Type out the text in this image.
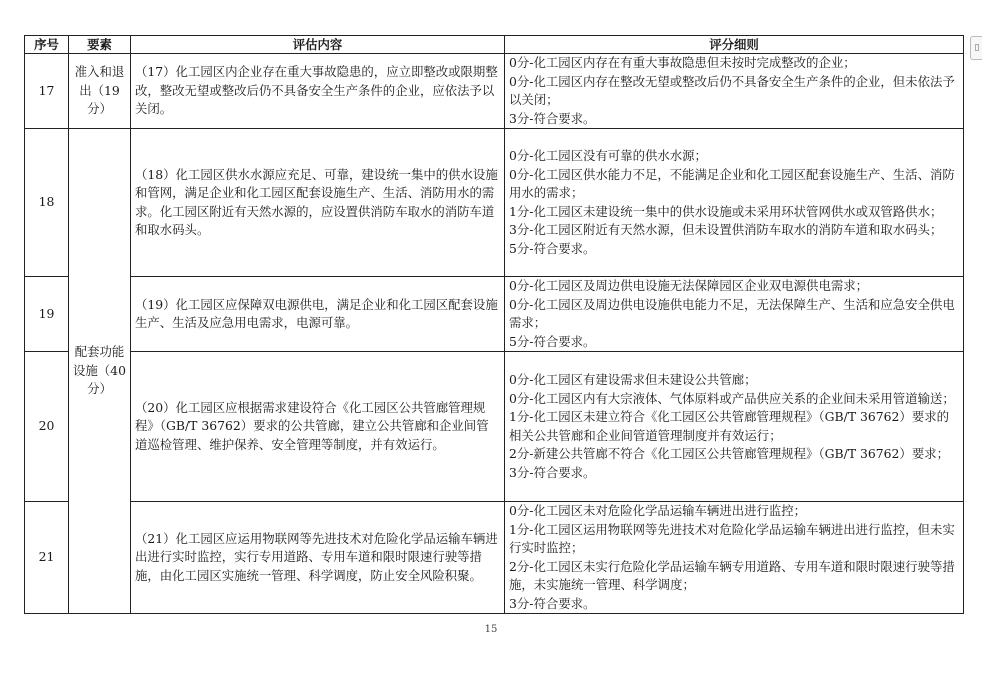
序号	要素	评估内容	评分细则
17	准入和退出（19分）	（17）化工园区内企业存在重大事故隐患的，应立即整改或限期整改，整改无望或整改后仍不具备安全生产条件的企业，应依法予以关闭。	0分-化工园区内存在有重大事故隐患但未按时完成整改的企业；
0分-化工园区内存在整改无望或整改后仍不具备安全生产条件的企业，但未依法予以关闭；
3分-符合要求。

18	配套功能设施（40分）	（18）化工园区供水水源应充足、可靠，建设统一集中的供水设施和管网，满足企业和化工园区配套设施生产、生活、消防用水的需求。化工园区附近有天然水源的，应设置供消防车取水的消防车道和取水码头。	0分-化工园区没有可靠的供水水源；
0分-化工园区供水能力不足，不能满足企业和化工园区配套设施生产、生活、消防用水的需求；
1分-化工园区未建设统一集中的供水设施或未采用环状管网供水或双管路供水；
3分-化工园区附近有天然水源，但未设置供消防车取水的消防车道和取水码头；
5分-符合要求。

19		（19）化工园区应保障双电源供电，满足企业和化工园区配套设施生产、生活及应急用电需求，电源可靠。	0分-化工园区及周边供电设施无法保障园区企业双电源供电需求；
0分-化工园区及周边供电设施供电能力不足，无法保障生产、生活和应急安全供电需求；
5分-符合要求。

20		（20）化工园区应根据需求建设符合《化工园区公共管廊管理规程》（GB/T 36762）要求的公共管廊，建立公共管廊和企业间管道巡检管理、维护保养、安全管理等制度，并有效运行。	0分-化工园区有建设需求但未建设公共管廊；
0分-化工园区内有大宗液体、气体原料或产品供应关系的企业间未采用管道输送；
1分-化工园区未建立符合《化工园区公共管廊管理规程》（GB/T 36762）要求的相关公共管廊和企业间管道管理制度并有效运行；
2分-新建公共管廊不符合《化工园区公共管廊管理规程》（GB/T 36762）要求；
3分-符合要求。

21		（21）化工园区应运用物联网等先进技术对危险化学品运输车辆进出进行实时监控，实行专用道路、专用车道和限时限速行驶等措施，由化工园区实施统一管理、科学调度，防止安全风险积聚。	0分-化工园区未对危险化学品运输车辆进出进行监控；
1分-化工园区运用物联网等先进技术对危险化学品运输车辆进出进行监控，但未实行实时监控；
2分-化工园区未实行危险化学品运输车辆专用道路、专用车道和限时限速行驶等措施，未实施统一管理、科学调度；
3分-符合要求。
15
▯
